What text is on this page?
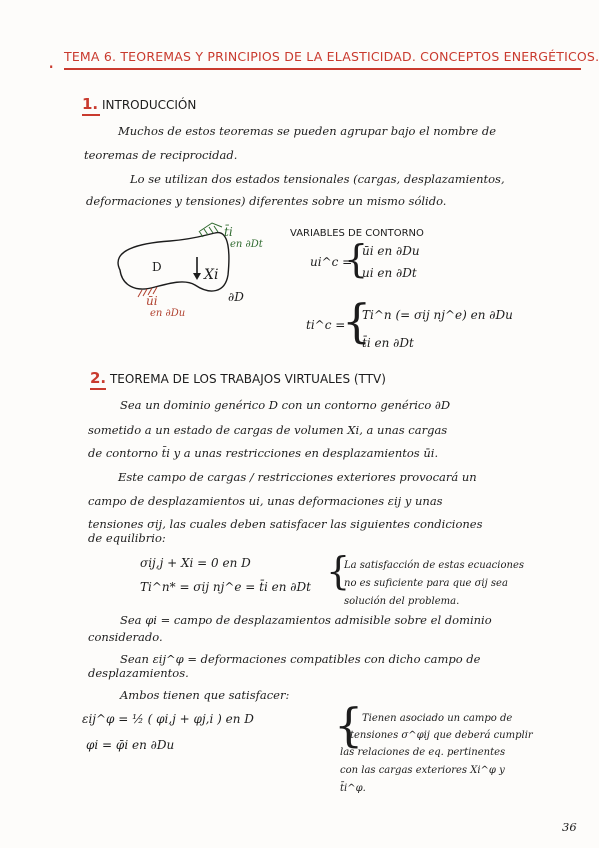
· TEMA 6. TEOREMAS Y PRINCIPIOS DE LA ELASTICIDAD. CONCEPTOS ENERGÉTICOS.
1. INTRODUCCIÓN
Muchos de estos teoremas se pueden agrupar bajo el nombre de
teoremas de reciprocidad.
Lo se utilizan dos estados tensionales (cargas, desplazamientos,
deformaciones y tensiones) diferentes sobre un mismo sólido.
D	Xi
∂D
t̄i
en ∂Dt
ūi
en ∂Du
VARIABLES DE CONTORNO
ui^c =
{
ūi en ∂Du
ui en ∂Dt
ti^c =
{
Ti^n (= σij nj^e) en ∂Du
t̄i en ∂Dt
2. TEOREMA DE LOS TRABAJOS VIRTUALES (TTV)
Sea un dominio genérico D con un contorno genérico ∂D
sometido a un estado de cargas de volumen Xi, a unas cargas
de contorno t̄i y a unas restricciones en desplazamientos ūi.
Este campo de cargas / restricciones exteriores provocará un
campo de desplazamientos ui, unas deformaciones εij y unas
tensiones σij, las cuales deben satisfacer las siguientes condiciones
de equilibrio:
σij,j + Xi = 0 en D
Ti^n* = σij nj^e = t̄i en ∂Dt {
La satisfacción de estas ecuaciones
no es suficiente para que σij sea
solución del problema.
Sea φi = campo de desplazamientos admisible sobre el dominio
considerado.
Sean εij^φ = deformaciones compatibles con dicho campo de
desplazamientos.
Ambos tienen que satisfacer:
εij^φ = ½ ( φi,j + φj,i ) en D
φi = φ̄i en ∂Du	{
Tienen asociado un campo de
tensiones σ^φij que deberá cumplir
las relaciones de eq. pertinentes
con las cargas exteriores Xi^φ y
t̄i^φ.
36
